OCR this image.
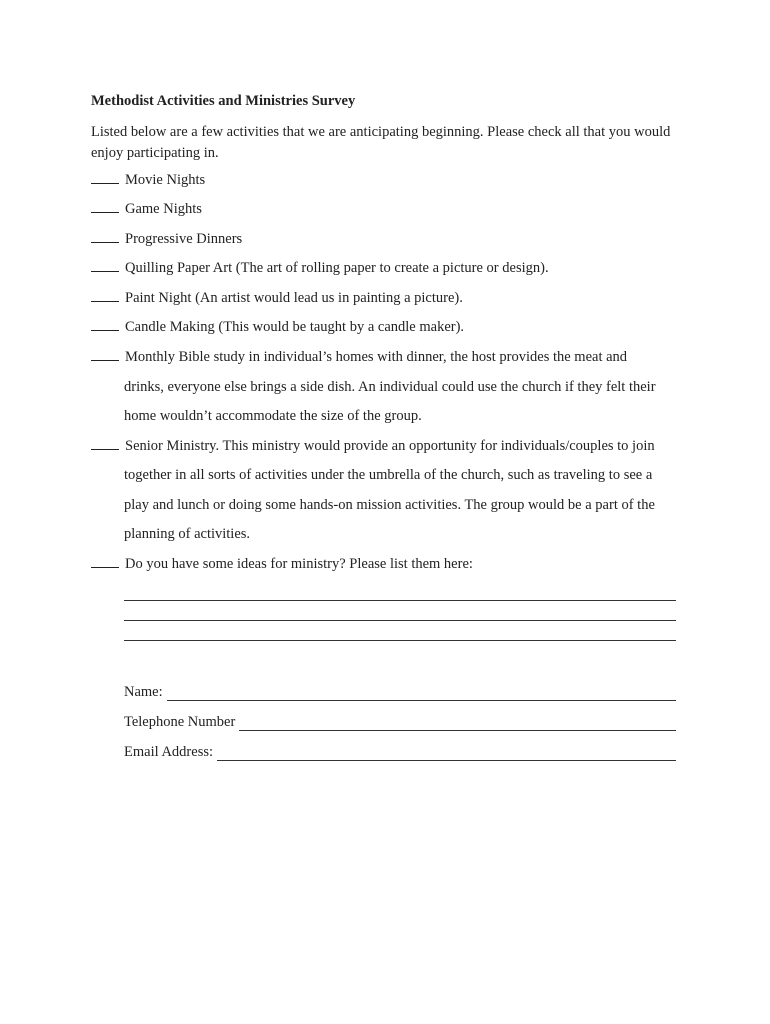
Methodist Activities and Ministries Survey
Listed below are a few activities that we are anticipating beginning. Please check all that you would enjoy participating in.
Movie Nights
Game Nights
Progressive Dinners
Quilling Paper Art (The art of rolling paper to create a picture or design).
Paint Night (An artist would lead us in painting a picture).
Candle Making (This would be taught by a candle maker).
Monthly Bible study in individual’s homes with dinner, the host provides the meat and
drinks, everyone else brings a side dish. An individual could use the church if they felt their
home wouldn’t accommodate the size of the group.
Senior Ministry. This ministry would provide an opportunity for individuals/couples to join
together in all sorts of activities under the umbrella of the church, such as traveling to see a
play and lunch or doing some hands-on mission activities. The group would be a part of the
planning of activities.
Do you have some ideas for ministry? Please list them here:
Name:
Telephone Number
Email Address:
